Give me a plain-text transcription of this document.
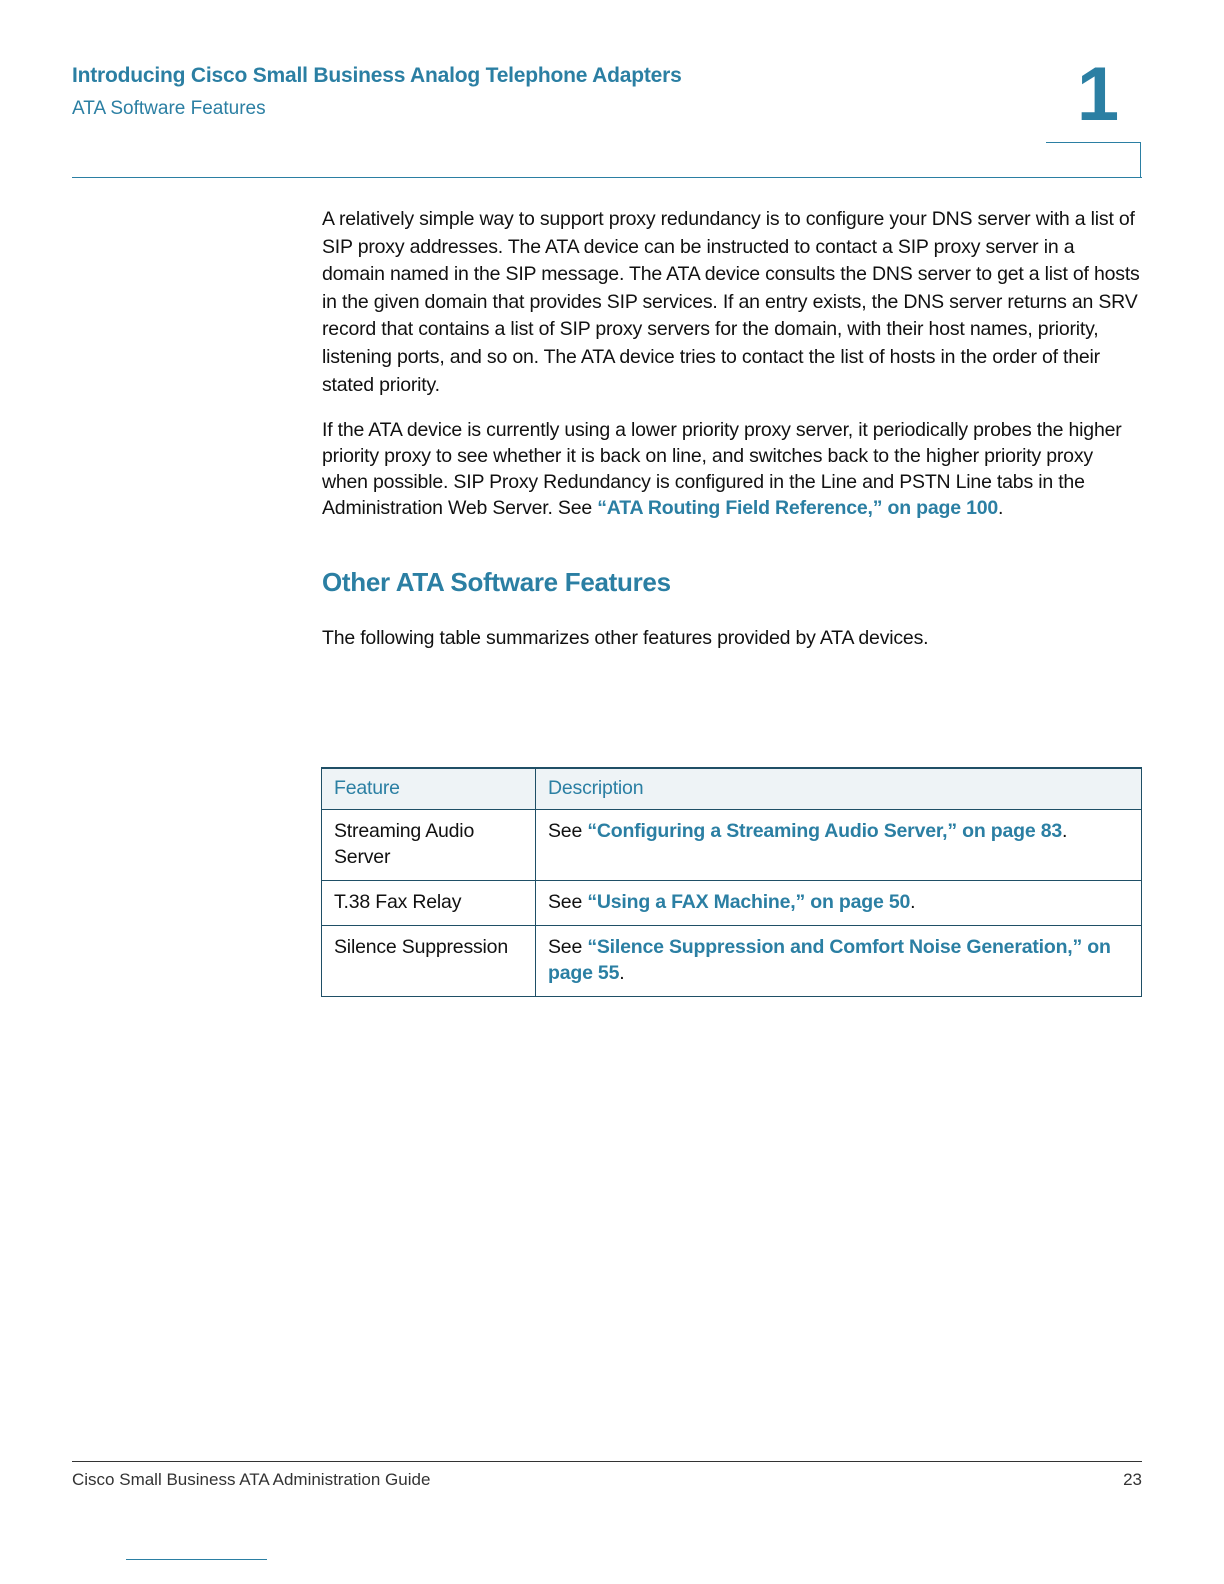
Introducing Cisco Small Business Analog Telephone Adapters
ATA Software Features	1

A relatively simple way to support proxy redundancy is to configure your DNS server with a list of SIP proxy addresses. The ATA device can be instructed to contact a SIP proxy server in a domain named in the SIP message. The ATA device consults the DNS server to get a list of hosts in the given domain that provides SIP services. If an entry exists, the DNS server returns an SRV record that contains a list of SIP proxy servers for the domain, with their host names, priority, listening ports, and so on. The ATA device tries to contact the list of hosts in the order of their stated priority.

If the ATA device is currently using a lower priority proxy server, it periodically probes the higher priority proxy to see whether it is back on line, and switches back to the higher priority proxy when possible. SIP Proxy Redundancy is configured in the Line and PSTN Line tabs in the Administration Web Server. See “ATA Routing Field Reference,” on page 100.

Other ATA Software Features

The following table summarizes other features provided by ATA devices.

Feature	Description
Streaming Audio Server	See “Configuring a Streaming Audio Server,” on page 83.
T.38 Fax Relay	See “Using a FAX Machine,” on page 50.
Silence Suppression	See “Silence Suppression and Comfort Noise Generation,” on page 55.
Cisco Small Business ATA Administration Guide	23
